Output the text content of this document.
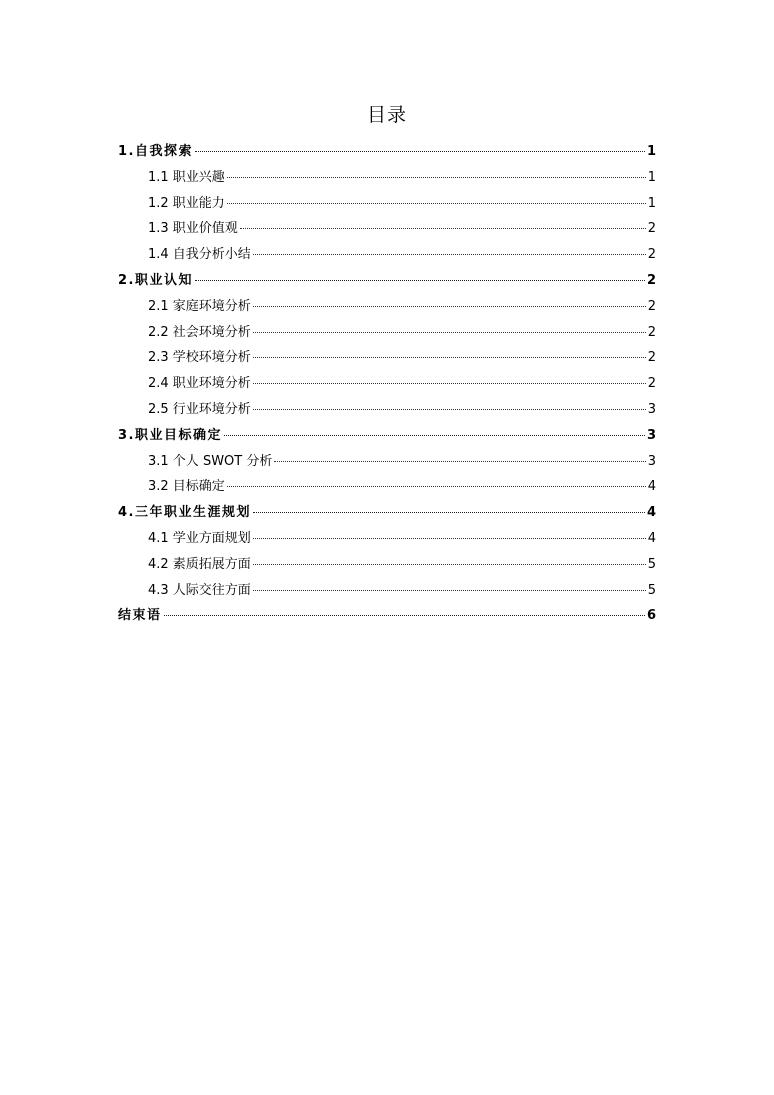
目录
1.自我探索	1
1.1 职业兴趣	1
1.2 职业能力	1
1.3 职业价值观	2
1.4 自我分析小结	2
2.职业认知	2
2.1 家庭环境分析	2
2.2 社会环境分析	2
2.3 学校环境分析	2
2.4 职业环境分析	2
2.5 行业环境分析	3
3.职业目标确定	3
3.1 个人 SWOT 分析	3
3.2 目标确定	4
4.三年职业生涯规划	4
4.1 学业方面规划	4
4.2 素质拓展方面	5
4.3 人际交往方面	5
结束语	6
